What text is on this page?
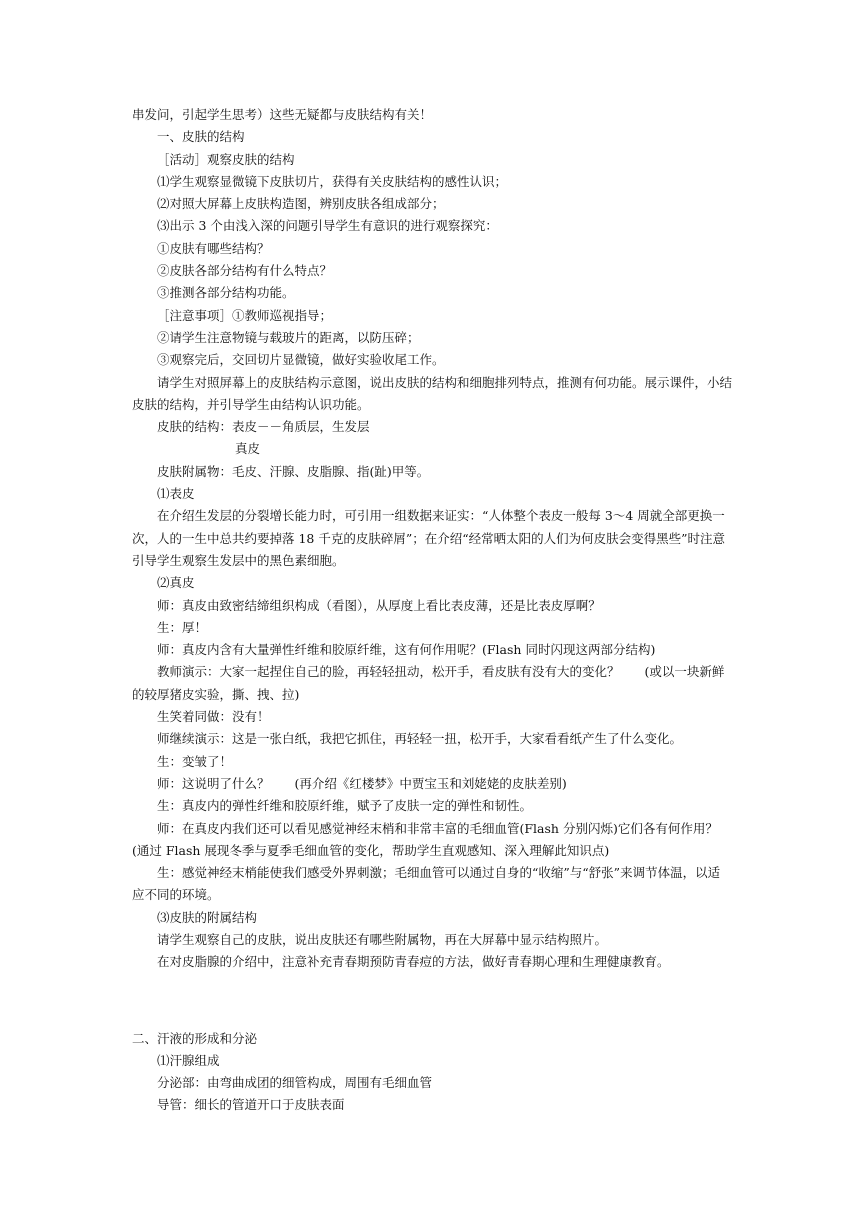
串发问，引起学生思考）这些无疑都与皮肤结构有关！

一、皮肤的结构

［活动］观察皮肤的结构

⑴学生观察显微镜下皮肤切片，获得有关皮肤结构的感性认识；

⑵对照大屏幕上皮肤构造图，辨别皮肤各组成部分；

⑶出示 3 个由浅入深的问题引导学生有意识的进行观察探究：

①皮肤有哪些结构？

②皮肤各部分结构有什么特点？

③推测各部分结构功能。

［注意事项］①教师巡视指导；

②请学生注意物镜与载玻片的距离，以防压碎；

③观察完后，交回切片显微镜，做好实验收尾工作。

请学生对照屏幕上的皮肤结构示意图，说出皮肤的结构和细胞排列特点，推测有何功能。展示课件，小结皮肤的结构，并引导学生由结构认识功能。

皮肤的结构：表皮－－角质层，生发层

真皮

皮肤附属物：毛皮、汗腺、皮脂腺、指(趾)甲等。

⑴表皮

在介绍生发层的分裂增长能力时，可引用一组数据来证实：“人体整个表皮一般每 3～4 周就全部更换一次，人的一生中总共约要掉落 18 千克的皮肤碎屑”；在介绍“经常晒太阳的人们为何皮肤会变得黑些”时注意引导学生观察生发层中的黑色素细胞。

⑵真皮

师：真皮由致密结缔组织构成（看图），从厚度上看比表皮薄，还是比表皮厚啊？

生：厚！

师：真皮内含有大量弹性纤维和胶原纤维，这有何作用呢？(Flash 同时闪现这两部分结构)

教师演示：大家一起捏住自己的脸，再轻轻扭动，松开手，看皮肤有没有大的变化？　　(或以一块新鲜的较厚猪皮实验，撕、拽、拉)

生笑着同做：没有！

师继续演示：这是一张白纸，我把它抓住，再轻轻一扭，松开手，大家看看纸产生了什么变化。

生：变皱了！

师：这说明了什么？　　(再介绍《红楼梦》中贾宝玉和刘姥姥的皮肤差别)

生：真皮内的弹性纤维和胶原纤维，赋予了皮肤一定的弹性和韧性。

师：在真皮内我们还可以看见感觉神经末梢和非常丰富的毛细血管(Flash 分别闪烁)它们各有何作用？(通过 Flash 展现冬季与夏季毛细血管的变化，帮助学生直观感知、深入理解此知识点)

生：感觉神经末梢能使我们感受外界刺激；毛细血管可以通过自身的“收缩”与“舒张”来调节体温，以适应不同的环境。

⑶皮肤的附属结构

请学生观察自己的皮肤，说出皮肤还有哪些附属物，再在大屏幕中显示结构照片。

在对皮脂腺的介绍中，注意补充青春期预防青春痘的方法，做好青春期心理和生理健康教育。

二、汗液的形成和分泌

⑴汗腺组成

分泌部：由弯曲成团的细管构成，周围有毛细血管

导管：细长的管道开口于皮肤表面
